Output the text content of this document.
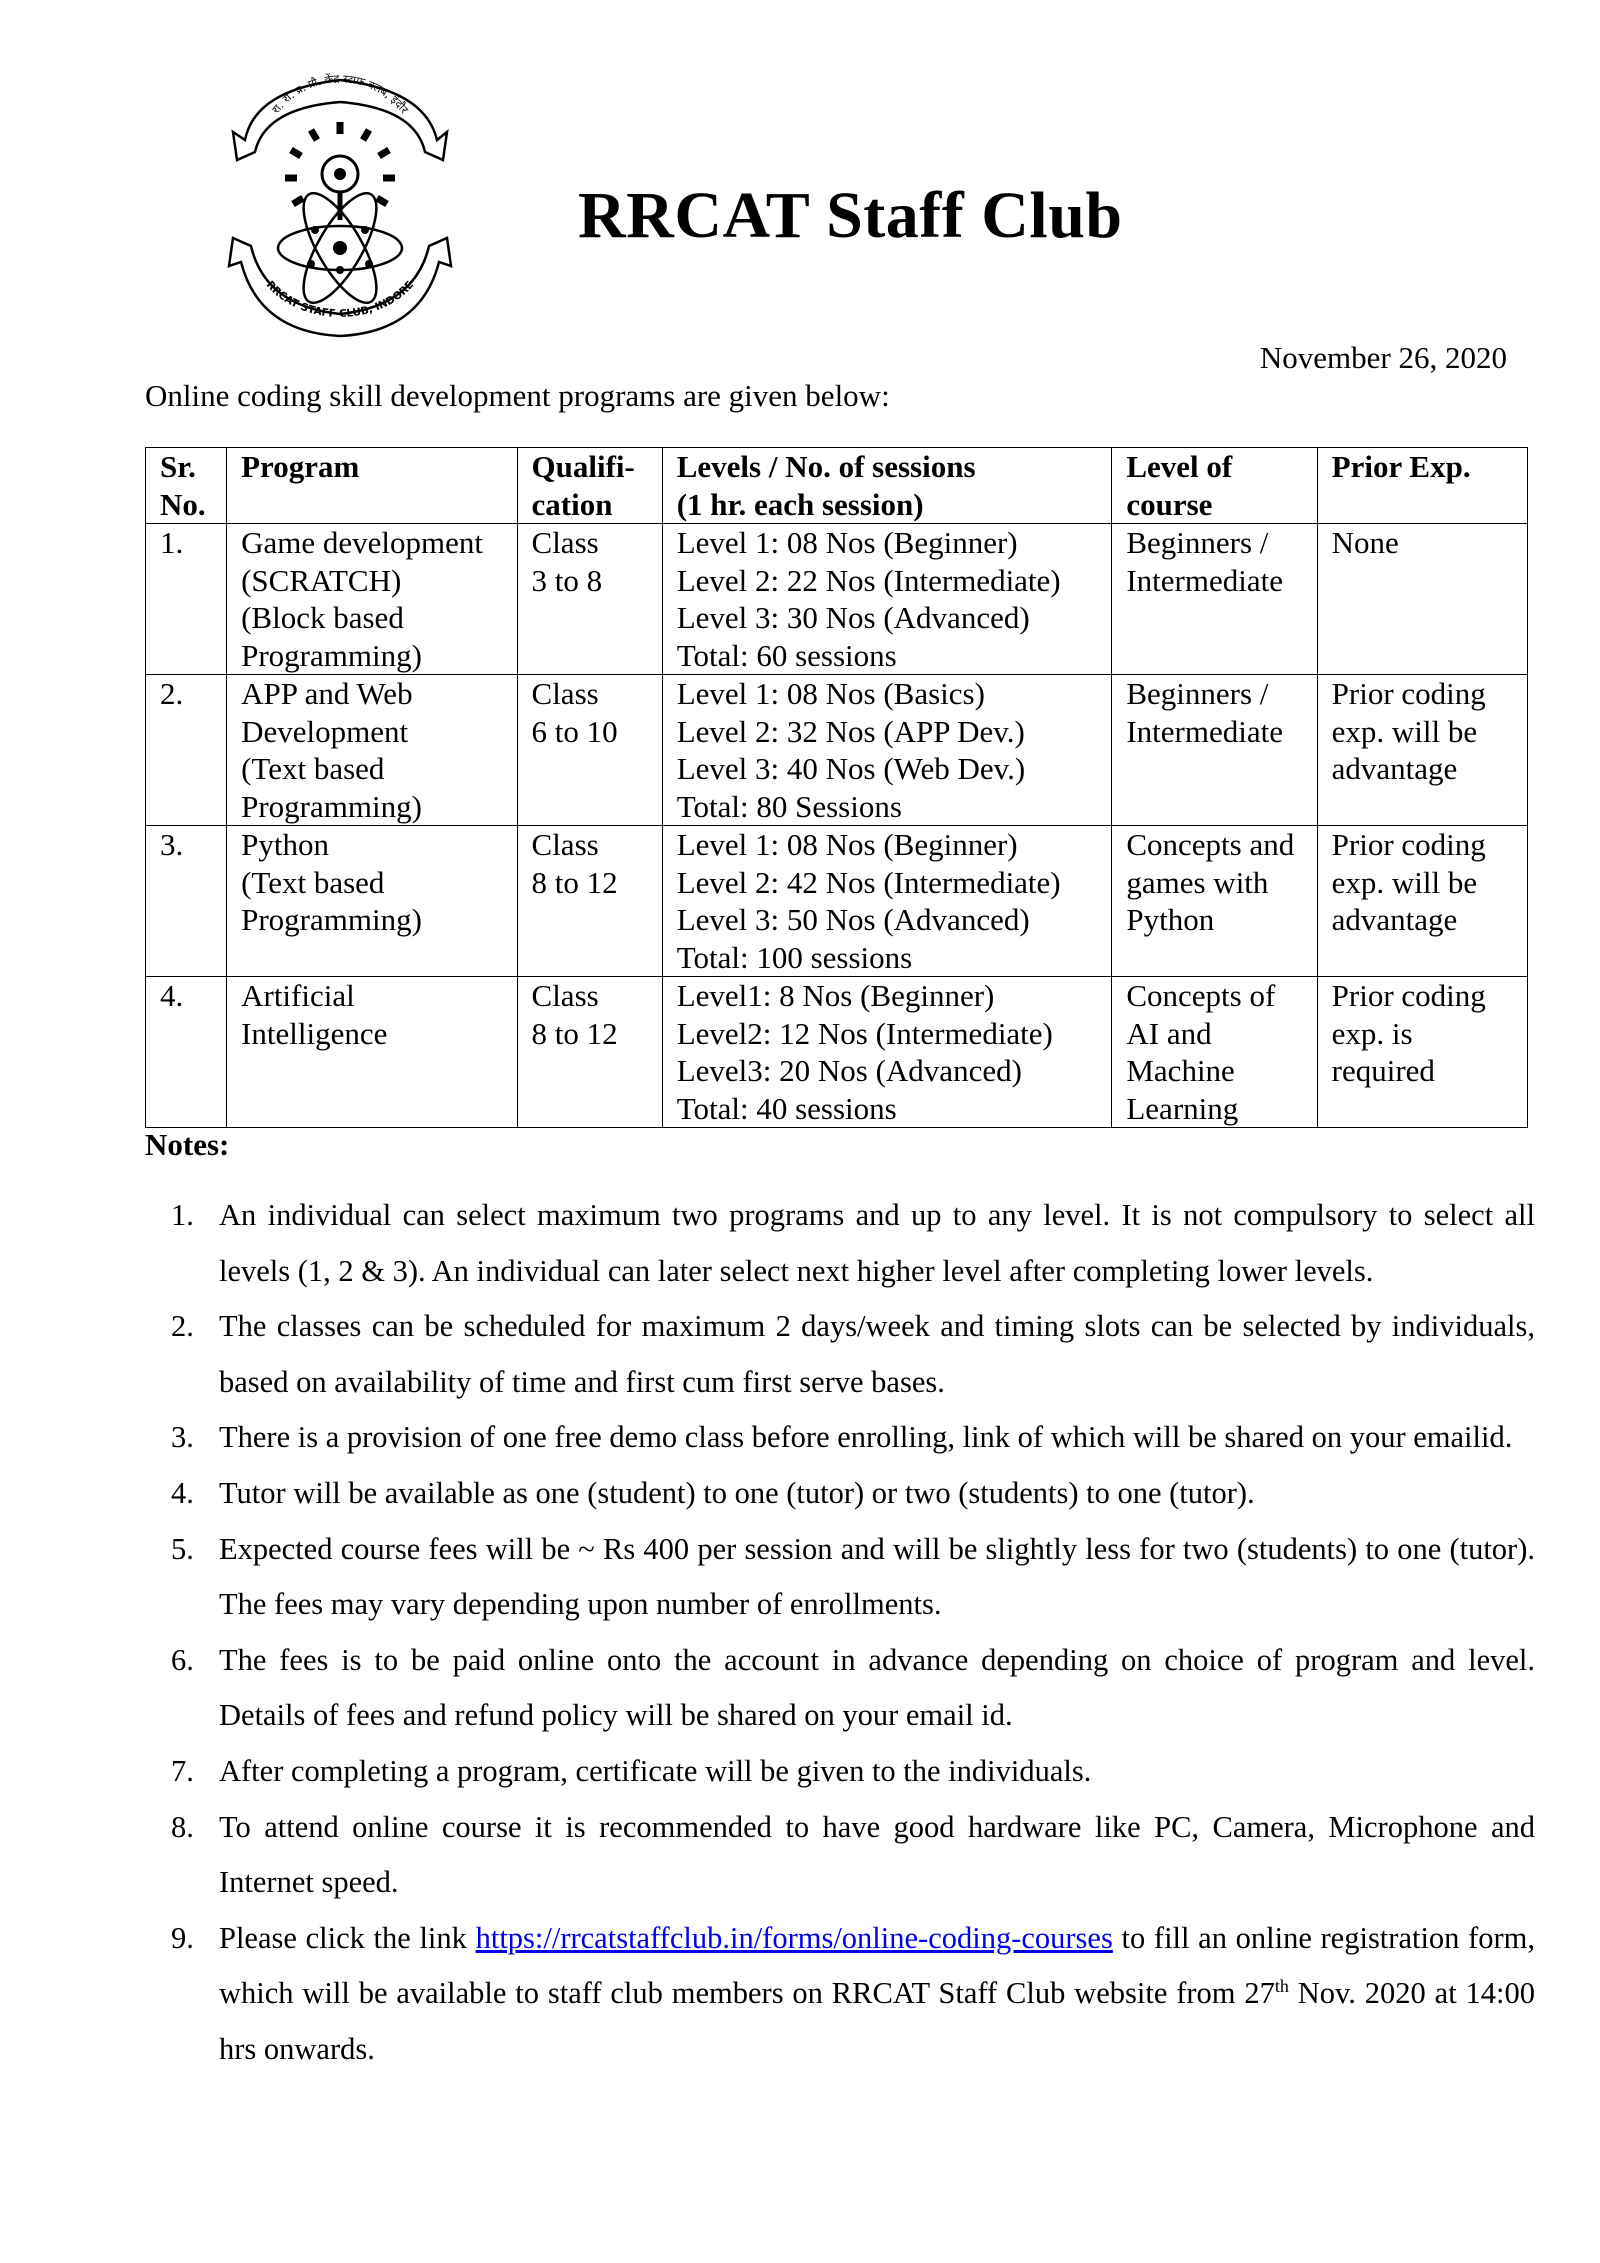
रा. रा. प्र. प्रौ. केंद्र स्टाफ क्लब, इंदौर
RRCAT STAFF CLUB, INDORE
RRCAT Staff Club
November 26, 2020
Online coding skill development programs are given below:
Sr.
No.	Program	Qualifi-
cation	Levels / No. of sessions
(1 hr. each session)	Level of
course	Prior Exp.

1.	Game development
(SCRATCH)
(Block based
Programming)	Class
3 to 8	Level 1: 08 Nos (Beginner)
Level 2: 22 Nos (Intermediate)
Level 3: 30 Nos (Advanced)
Total: 60 sessions	Beginners /
Intermediate	None

2.	APP and Web
Development
(Text based
Programming)	Class
6 to 10	Level 1: 08 Nos (Basics)
Level 2: 32 Nos (APP Dev.)
Level 3: 40 Nos (Web Dev.)
Total: 80 Sessions	Beginners /
Intermediate	Prior coding
exp. will be
advantage

3.	Python
(Text based
Programming)	Class
8 to 12	Level 1: 08 Nos (Beginner)
Level 2: 42 Nos (Intermediate)
Level 3: 50 Nos (Advanced)
Total: 100 sessions	Concepts and
games with
Python	Prior coding
exp. will be
advantage

4.	Artificial
Intelligence	Class
8 to 12	Level1: 8 Nos (Beginner)
Level2: 12 Nos (Intermediate)
Level3: 20 Nos (Advanced)
Total: 40 sessions	Concepts of
AI and
Machine
Learning	Prior coding
exp. is
required
Notes:
1. An individual can select maximum two programs and up to any level. It is not compulsory to select all levels (1, 2 & 3). An individual can later select next higher level after completing lower levels.
2. The classes can be scheduled for maximum 2 days/week and timing slots can be selected by individuals, based on availability of time and first cum first serve bases.
3. There is a provision of one free demo class before enrolling, link of which will be shared on your emailid.
4. Tutor will be available as one (student) to one (tutor) or two (students) to one (tutor).
5. Expected course fees will be ~ Rs 400 per session and will be slightly less for two (students) to one (tutor). The fees may vary depending upon number of enrollments.
6. The fees is to be paid online onto the account in advance depending on choice of program and level. Details of fees and refund policy will be shared on your email id.
7. After completing a program, certificate will be given to the individuals.
8. To attend online course it is recommended to have good hardware like PC, Camera, Microphone and Internet speed.
9. Please click the link https://rrcatstaffclub.in/forms/online-coding-courses to fill an online registration form, which will be available to staff club members on RRCAT Staff Club website from 27th Nov. 2020 at 14:00 hrs onwards.
